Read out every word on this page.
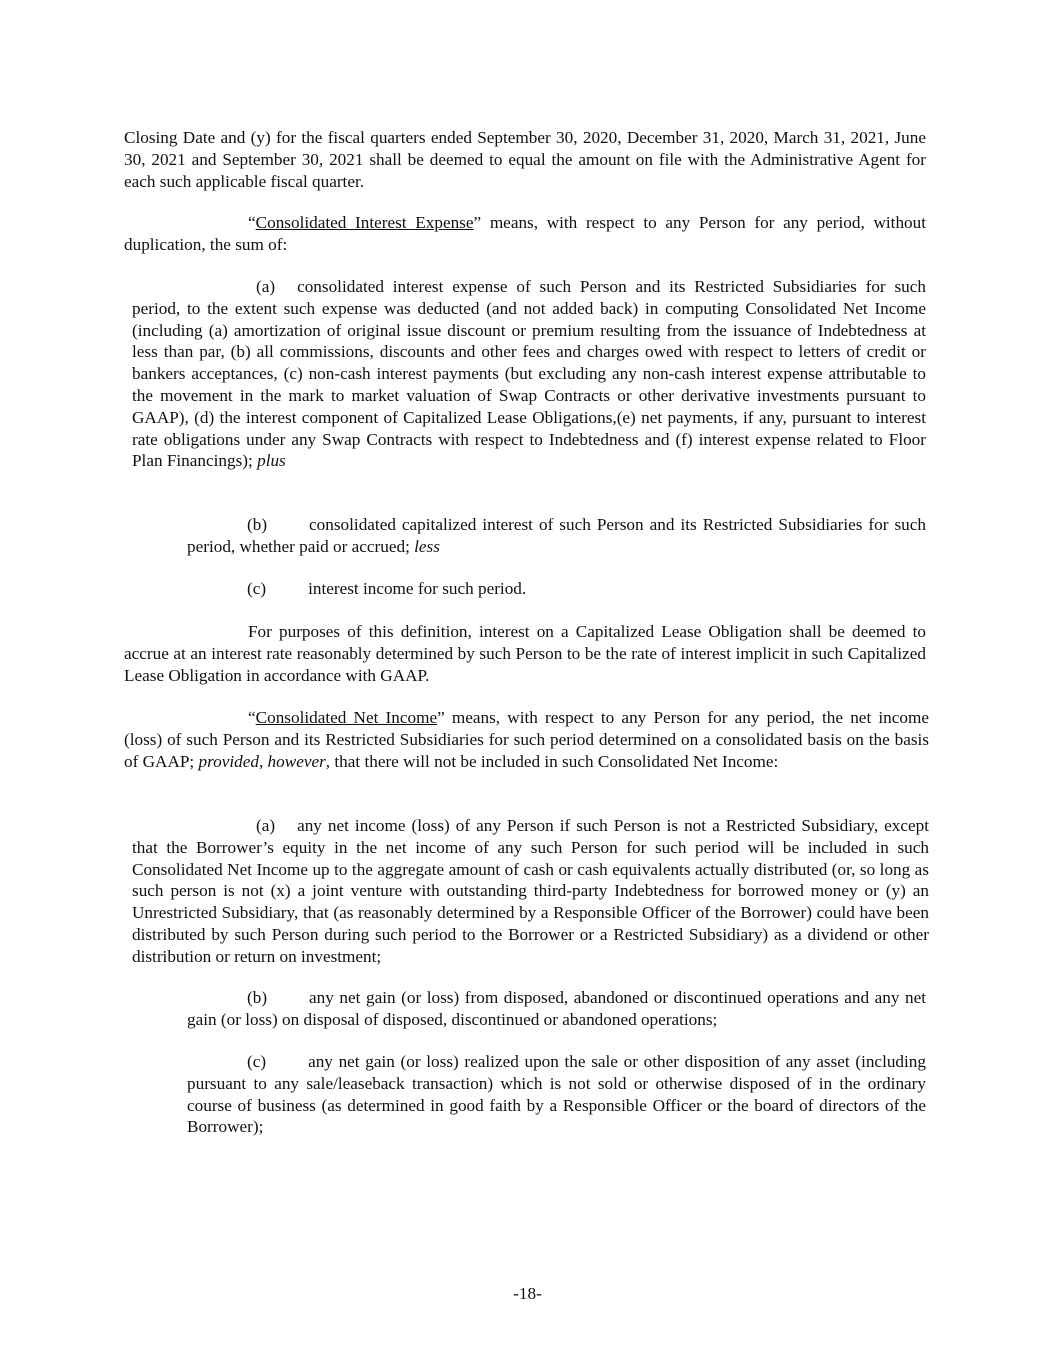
Closing Date and (y) for the fiscal quarters ended September 30, 2020, December 31, 2020, March 31, 2021, June 30, 2021 and September 30, 2021 shall be deemed to equal the amount on file with the Administrative Agent for each such applicable fiscal quarter.

“Consolidated Interest Expense” means, with respect to any Person for any period, without duplication, the sum of:

(a) consolidated interest expense of such Person and its Restricted Subsidiaries for such period, to the extent such expense was deducted (and not added back) in computing Consolidated Net Income (including (a) amortization of original issue discount or premium resulting from the issuance of Indebtedness at less than par, (b) all commissions, discounts and other fees and charges owed with respect to letters of credit or bankers acceptances, (c) non-cash interest payments (but excluding any non-cash interest expense attributable to the movement in the mark to market valuation of Swap Contracts or other derivative investments pursuant to GAAP), (d) the interest component of Capitalized Lease Obligations,(e) net payments, if any, pursuant to interest rate obligations under any Swap Contracts with respect to Indebtedness and (f) interest expense related to Floor Plan Financings); plus

(b) consolidated capitalized interest of such Person and its Restricted Subsidiaries for such period, whether paid or accrued; less

(c) interest income for such period.

For purposes of this definition, interest on a Capitalized Lease Obligation shall be deemed to accrue at an interest rate reasonably determined by such Person to be the rate of interest implicit in such Capitalized Lease Obligation in accordance with GAAP.

“Consolidated Net Income” means, with respect to any Person for any period, the net income (loss) of such Person and its Restricted Subsidiaries for such period determined on a consolidated basis on the basis of GAAP; provided, however, that there will not be included in such Consolidated Net Income:

(a) any net income (loss) of any Person if such Person is not a Restricted Subsidiary, except that the Borrower’s equity in the net income of any such Person for such period will be included in such Consolidated Net Income up to the aggregate amount of cash or cash equivalents actually distributed (or, so long as such person is not (x) a joint venture with outstanding third-party Indebtedness for borrowed money or (y) an Unrestricted Subsidiary, that (as reasonably determined by a Responsible Officer of the Borrower) could have been distributed by such Person during such period to the Borrower or a Restricted Subsidiary) as a dividend or other distribution or return on investment;

(b) any net gain (or loss) from disposed, abandoned or discontinued operations and any net gain (or loss) on disposal of disposed, discontinued or abandoned operations;

(c) any net gain (or loss) realized upon the sale or other disposition of any asset (including pursuant to any sale/leaseback transaction) which is not sold or otherwise disposed of in the ordinary course of business (as determined in good faith by a Responsible Officer or the board of directors of the Borrower);

-18-
